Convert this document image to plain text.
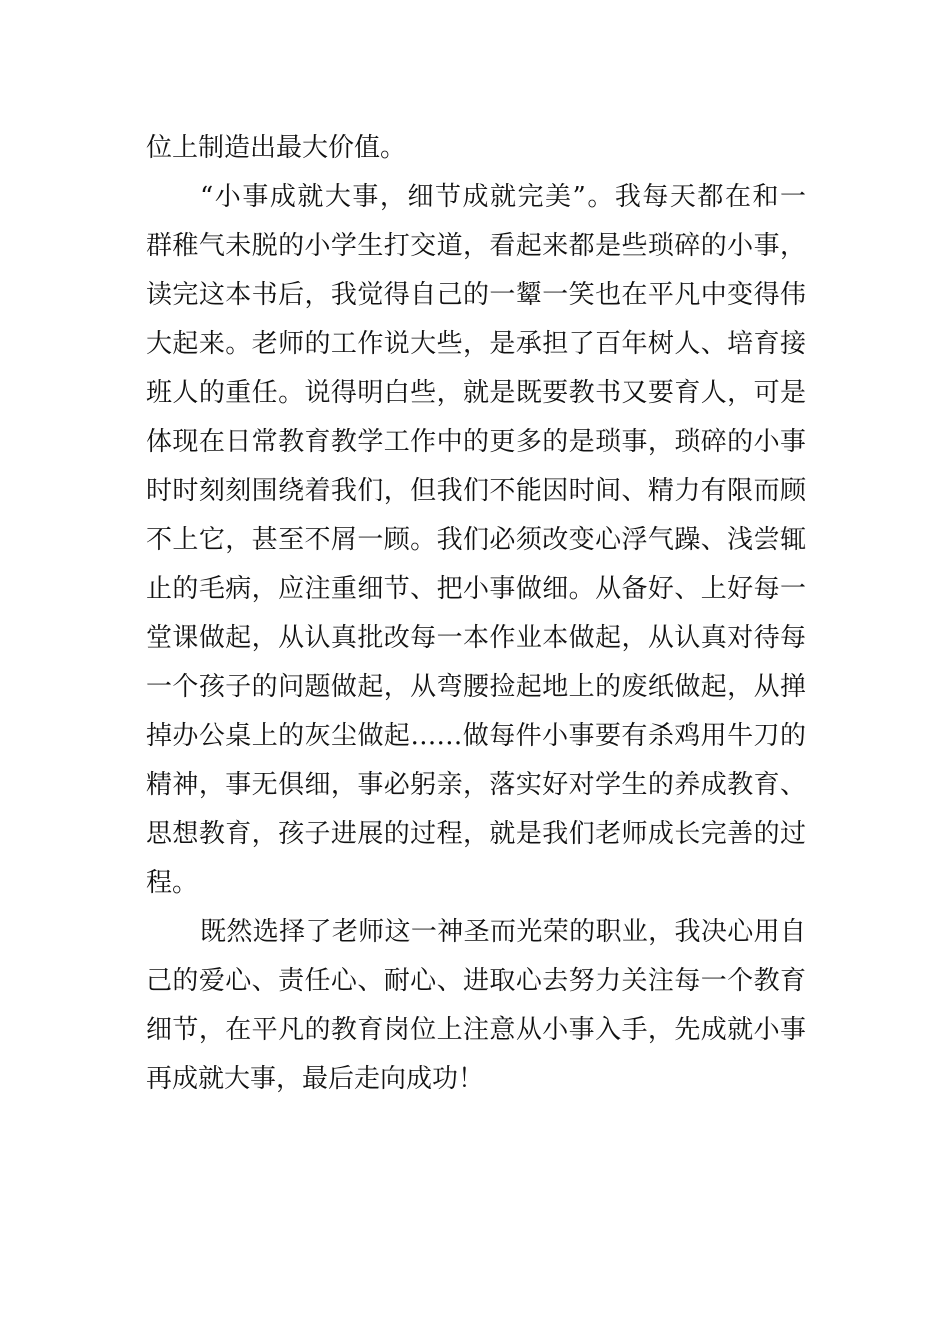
位上制造出最大价值。
“小事成就大事，细节成就完美”。我每天都在和一
群稚气未脱的小学生打交道，看起来都是些琐碎的小事，
读完这本书后，我觉得自己的一颦一笑也在平凡中变得伟
大起来。老师的工作说大些，是承担了百年树人、培育接
班人的重任。说得明白些，就是既要教书又要育人，可是
体现在日常教育教学工作中的更多的是琐事，琐碎的小事
时时刻刻围绕着我们，但我们不能因时间、精力有限而顾
不上它，甚至不屑一顾。我们必须改变心浮气躁、浅尝辄
止的毛病，应注重细节、把小事做细。从备好、上好每一
堂课做起，从认真批改每一本作业本做起，从认真对待每
一个孩子的问题做起，从弯腰捡起地上的废纸做起，从掸
掉办公桌上的灰尘做起……做每件小事要有杀鸡用牛刀的
精神，事无俱细，事必躬亲，落实好对学生的养成教育、
思想教育，孩子进展的过程，就是我们老师成长完善的过
程。
既然选择了老师这一神圣而光荣的职业，我决心用自
己的爱心、责任心、耐心、进取心去努力关注每一个教育
细节，在平凡的教育岗位上注意从小事入手，先成就小事
再成就大事，最后走向成功！
